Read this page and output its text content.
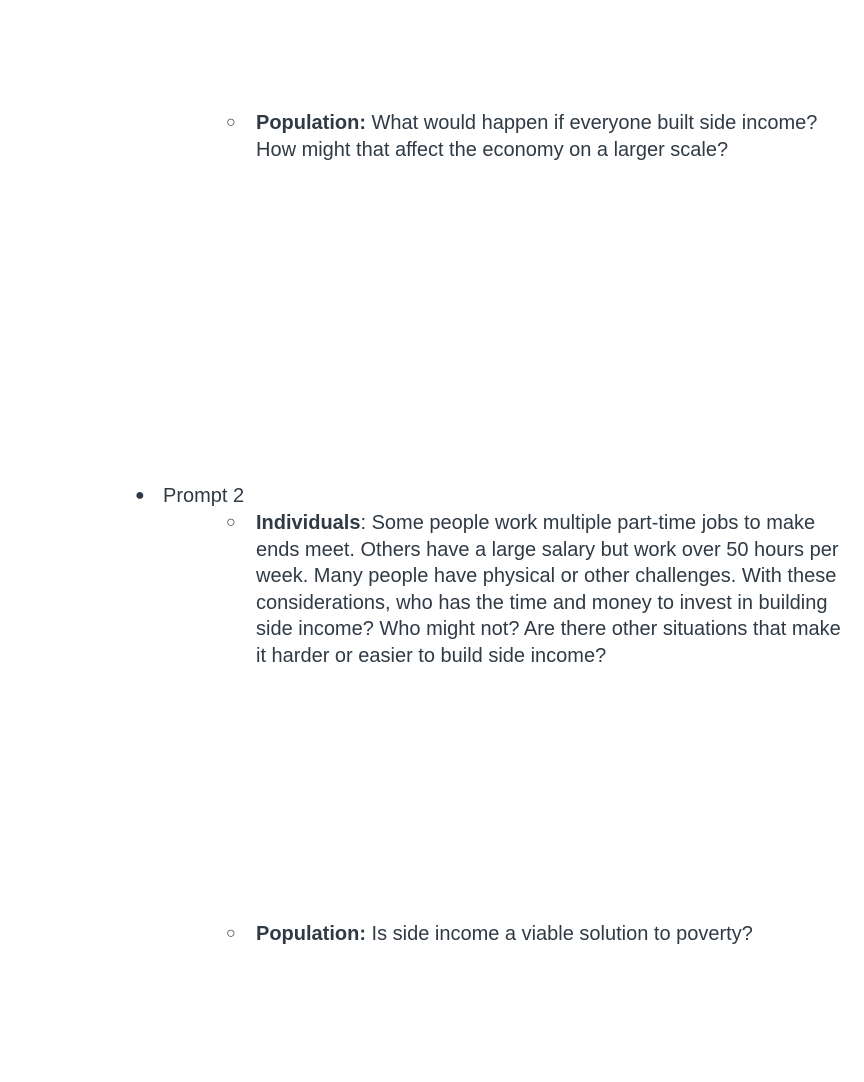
○ Population: What would happen if everyone built side income? How might that affect the economy on a larger scale?
● Prompt 2
○ Individuals: Some people work multiple part-time jobs to make ends meet. Others have a large salary but work over 50 hours per week. Many people have physical or other challenges. With these considerations, who has the time and money to invest in building side income? Who might not? Are there other situations that make it harder or easier to build side income?
○ Population: Is side income a viable solution to poverty?
